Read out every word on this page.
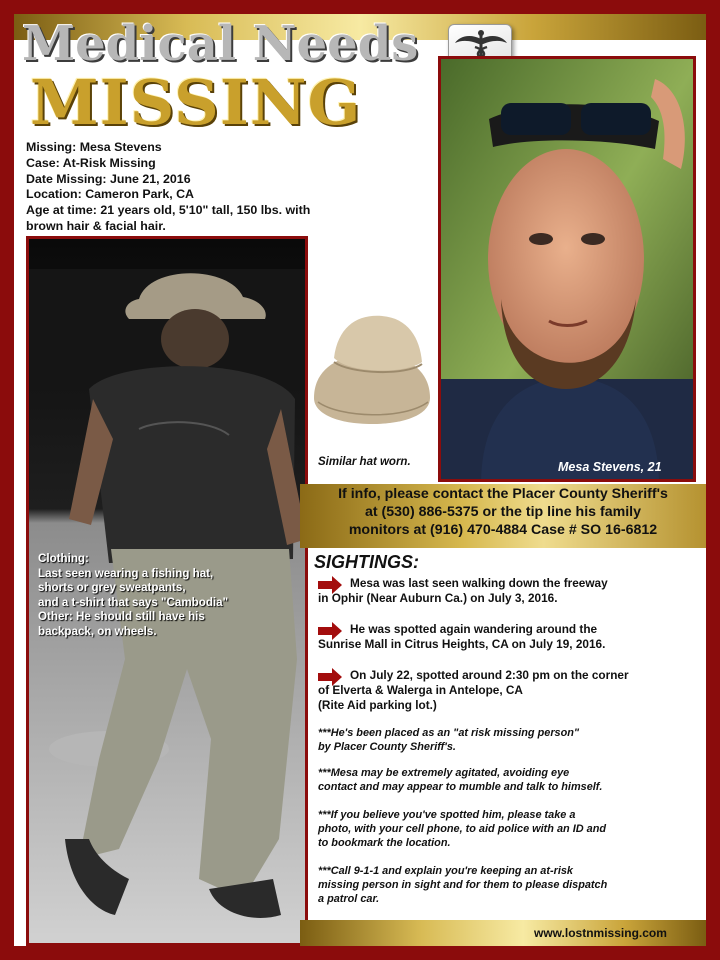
Medical Needs
MISSING
Missing: Mesa Stevens
Case: At-Risk Missing
Date Missing: June 21, 2016
Location: Cameron Park, CA
Age at time: 21 years old, 5'10" tall, 150 lbs. with
brown hair & facial hair.
Mesa Stevens, 21
Similar hat worn.
Clothing:
Last seen wearing a fishing hat,
shorts or grey sweatpants,
and a t-shirt that says "Cambodia"
Other: He should still have his
backpack, on wheels.
If info, please contact the Placer County Sheriff's
at (530) 886-5375 or the tip line his family
monitors at (916) 470-4884 Case # SO 16-6812
SIGHTINGS:
Mesa was last seen walking down the freeway
in Ophir (Near Auburn Ca.) on July 3, 2016.
He was spotted again wandering around the
Sunrise Mall in Citrus Heights, CA on July 19, 2016.
On July 22, spotted around 2:30 pm on the corner
of Elverta & Walerga in Antelope, CA
(Rite Aid parking lot.)
***He's been placed as an "at risk missing person"
by Placer County Sheriff's.
***Mesa may be extremely agitated, avoiding eye
contact and may appear to mumble and talk to himself.
***If you believe you've spotted him, please take a
photo, with your cell phone, to aid police with an ID and
to bookmark the location.
***Call 9-1-1 and explain you're keeping an at-risk
missing person in sight and for them to please dispatch
a patrol car.
www.lostnmissing.com
